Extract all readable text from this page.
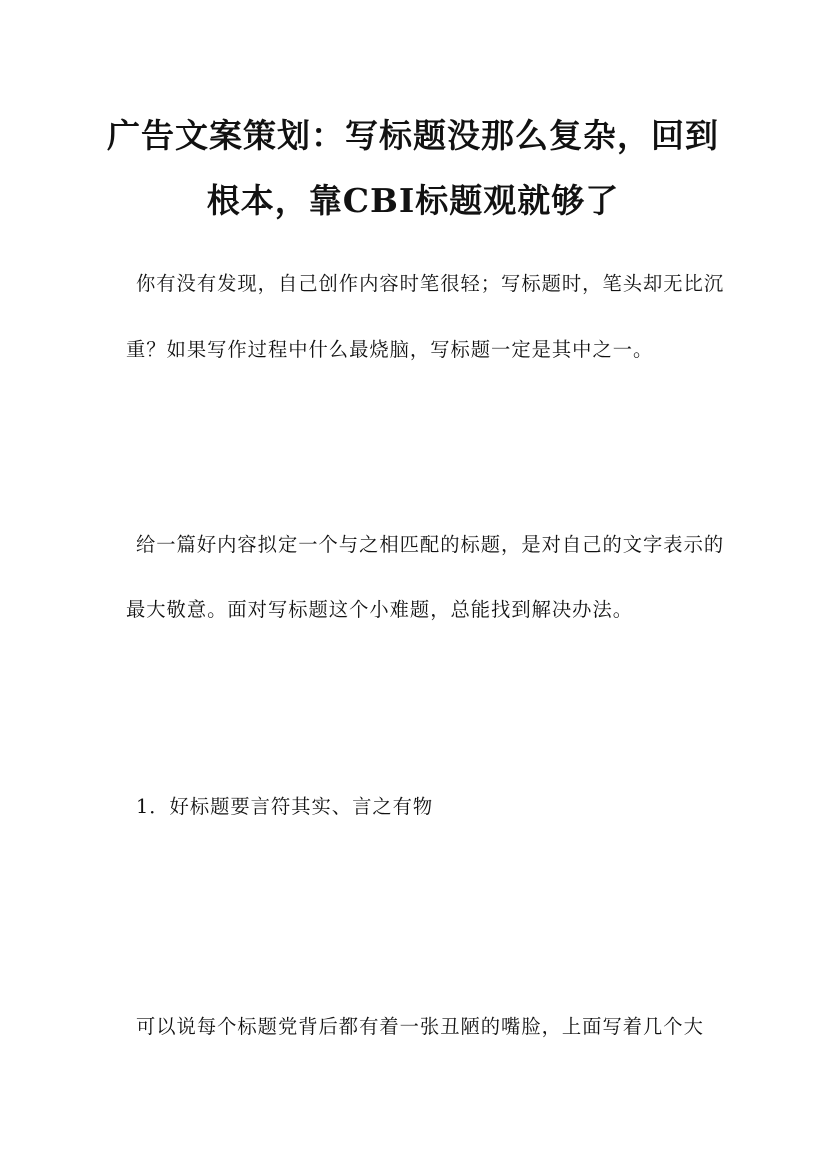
广告文案策划：写标题没那么复杂，回到
根本，靠CBI标题观就够了
你有没有发现，自己创作内容时笔很轻；写标题时，笔头却无比沉
重？如果写作过程中什么最烧脑，写标题一定是其中之一。
给一篇好内容拟定一个与之相匹配的标题，是对自己的文字表示的
最大敬意。面对写标题这个小难题，总能找到解决办法。
1．好标题要言符其实、言之有物
可以说每个标题党背后都有着一张丑陋的嘴脸，上面写着几个大
